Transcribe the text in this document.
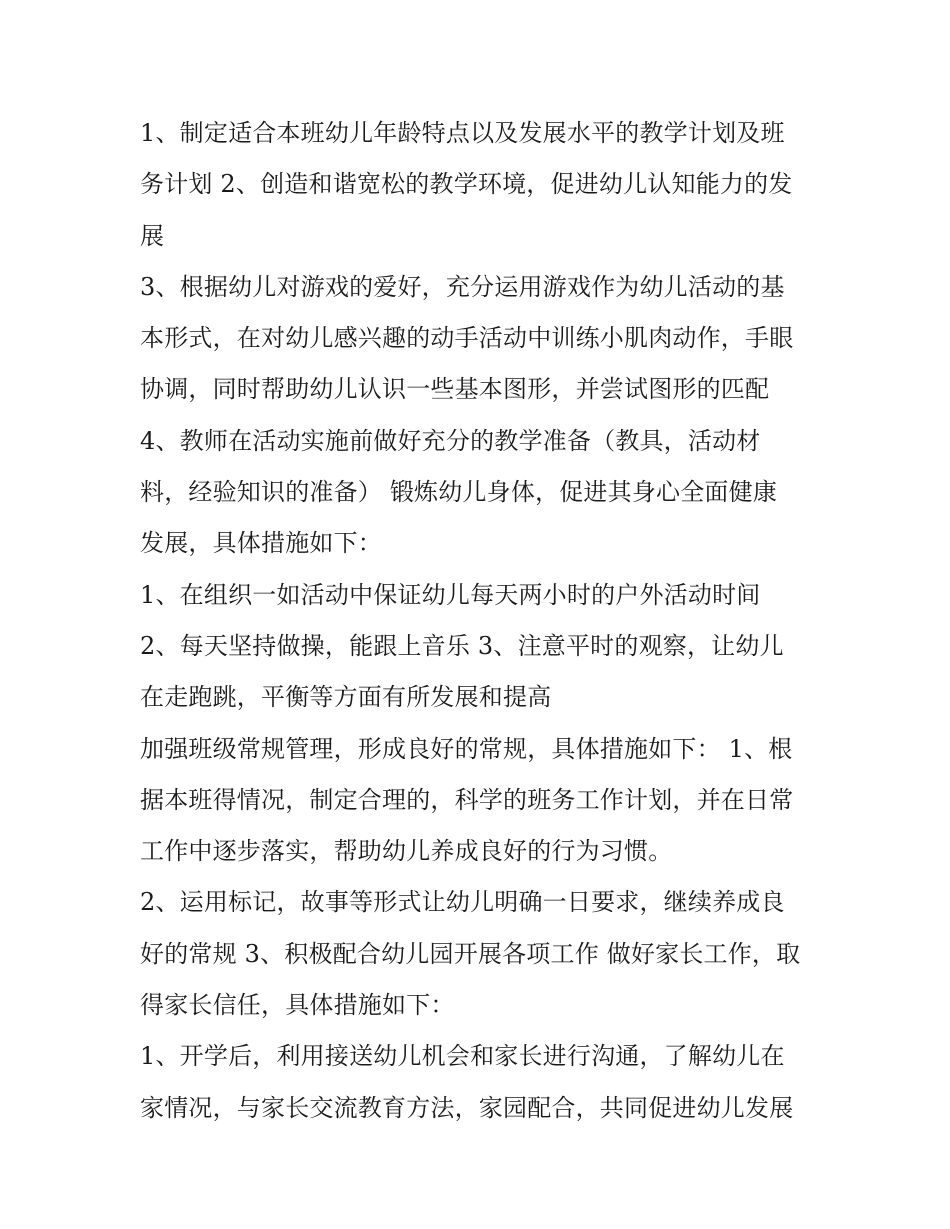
1、制定适合本班幼儿年龄特点以及发展水平的教学计划及班
务计划 2、创造和谐宽松的教学环境，促进幼儿认知能力的发
展
3、根据幼儿对游戏的爱好，充分运用游戏作为幼儿活动的基
本形式，在对幼儿感兴趣的动手活动中训练小肌肉动作，手眼
协调，同时帮助幼儿认识一些基本图形，并尝试图形的匹配
4、教师在活动实施前做好充分的教学准备（教具，活动材
料，经验知识的准备） 锻炼幼儿身体，促进其身心全面健康
发展，具体措施如下：
1、在组织一如活动中保证幼儿每天两小时的户外活动时间
2、每天坚持做操，能跟上音乐 3、注意平时的观察，让幼儿
在走跑跳，平衡等方面有所发展和提高
加强班级常规管理，形成良好的常规，具体措施如下： 1、根
据本班得情况，制定合理的，科学的班务工作计划，并在日常
工作中逐步落实，帮助幼儿养成良好的行为习惯。
2、运用标记，故事等形式让幼儿明确一日要求，继续养成良
好的常规 3、积极配合幼儿园开展各项工作 做好家长工作，取
得家长信任，具体措施如下：
1、开学后，利用接送幼儿机会和家长进行沟通，了解幼儿在
家情况，与家长交流教育方法，家园配合，共同促进幼儿发展
